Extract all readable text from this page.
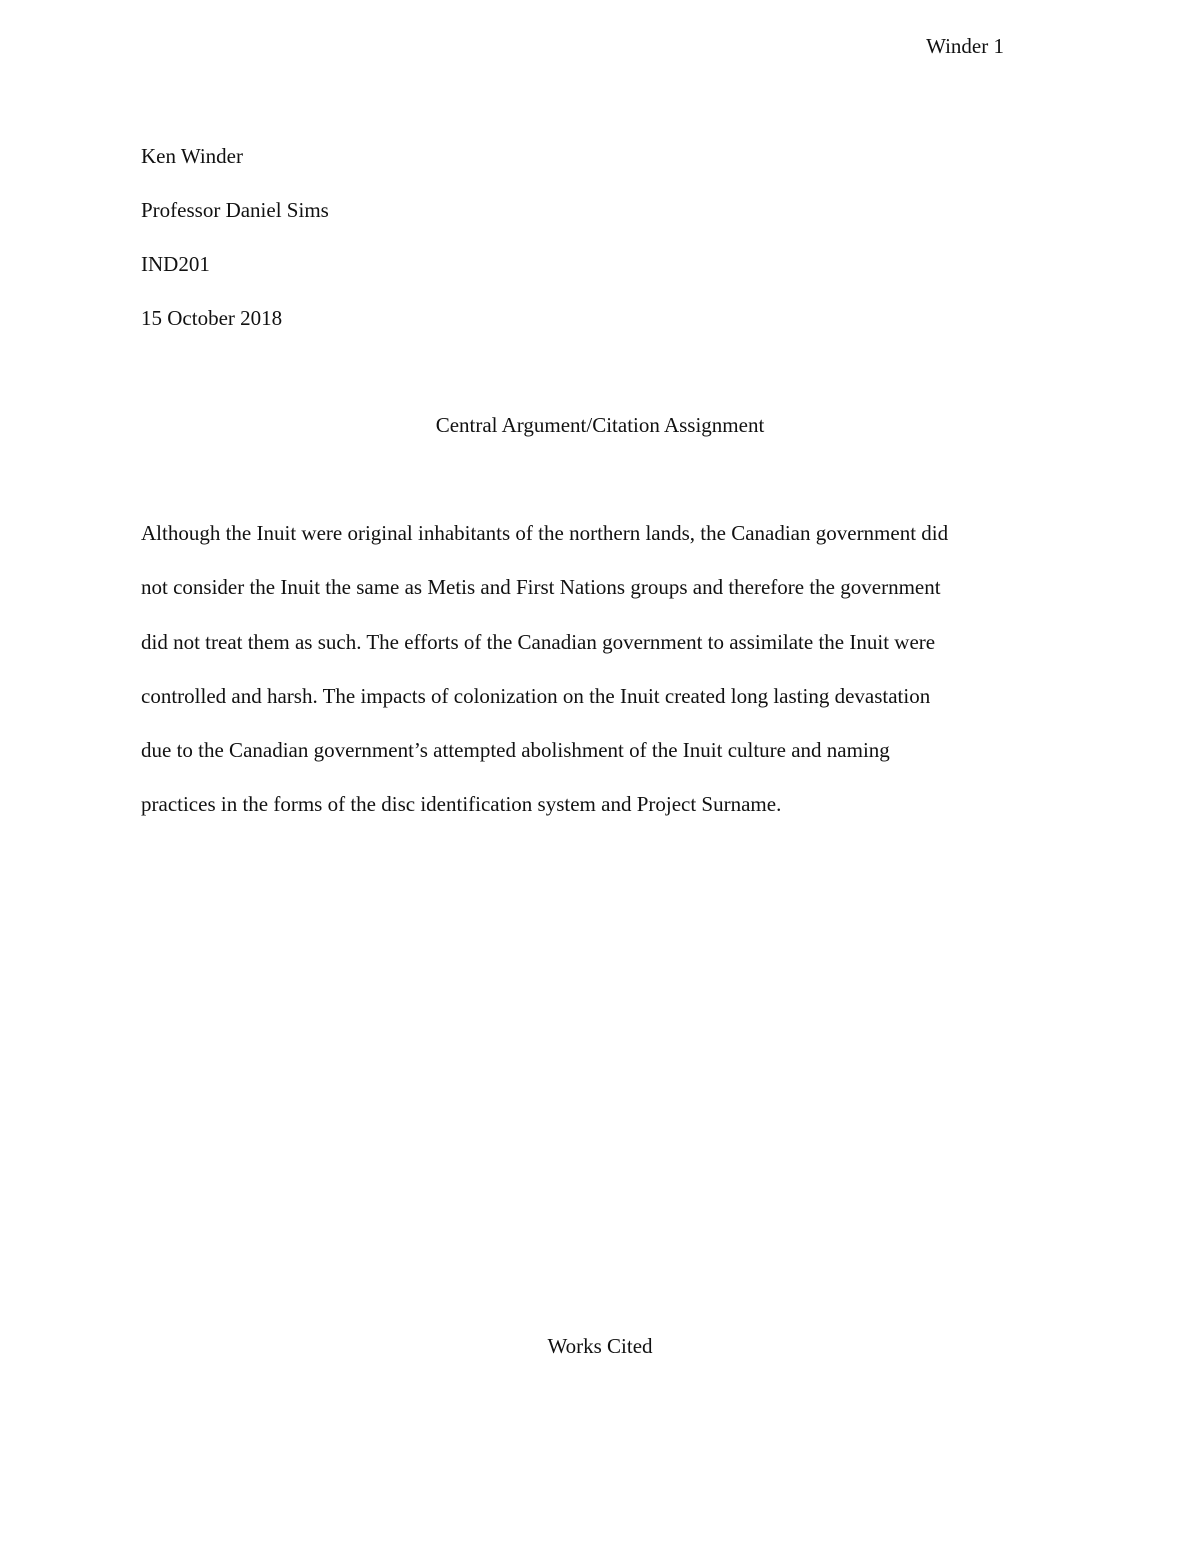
Winder 1
Ken Winder
Professor Daniel Sims
IND201
15 October 2018
Central Argument/Citation Assignment
Although the Inuit were original inhabitants of the northern lands, the Canadian government did
not consider the Inuit the same as Metis and First Nations groups and therefore the government
did not treat them as such. The efforts of the Canadian government to assimilate the Inuit were
controlled and harsh. The impacts of colonization on the Inuit created long lasting devastation
due to the Canadian government’s attempted abolishment of the Inuit culture and naming
practices in the forms of the disc identification system and Project Surname.
Works Cited
